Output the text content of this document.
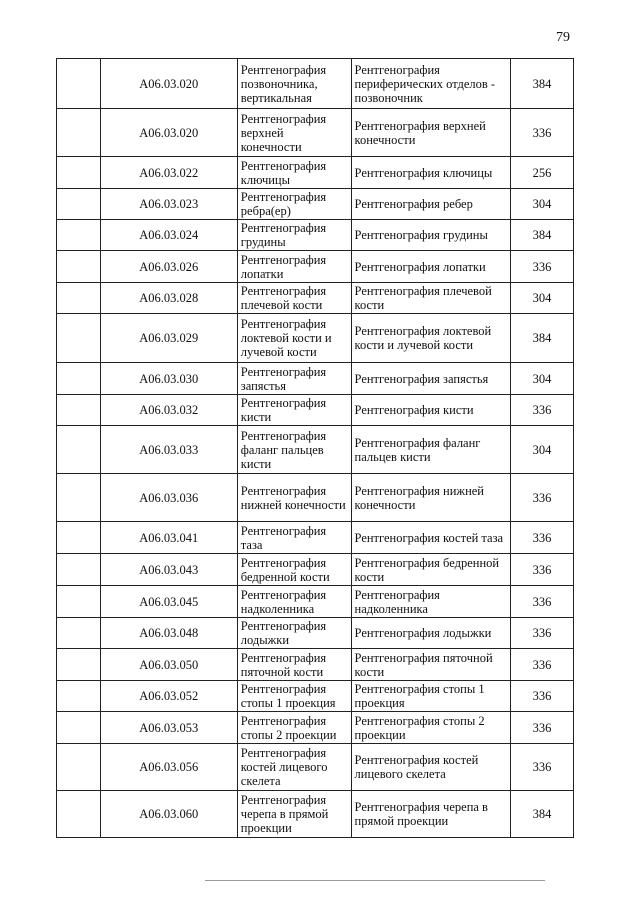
79
	A06.03.020	Рентгенография позвоночника, вертикальная	Рентгенография периферических отделов - позвоночник	384
	A06.03.020	Рентгенография верхней конечности	Рентгенография верхней конечности	336
	A06.03.022	Рентгенография ключицы	Рентгенография ключицы	256
	A06.03.023	Рентгенография ребра(ер)	Рентгенография ребер	304
	A06.03.024	Рентгенография грудины	Рентгенография грудины	384
	A06.03.026	Рентгенография лопатки	Рентгенография лопатки	336
	A06.03.028	Рентгенография плечевой кости	Рентгенография плечевой кости	304
	A06.03.029	Рентгенография локтевой кости и лучевой кости	Рентгенография локтевой кости и лучевой кости	384
	A06.03.030	Рентгенография запястья	Рентгенография запястья	304
	A06.03.032	Рентгенография кисти	Рентгенография кисти	336
	A06.03.033	Рентгенография фаланг пальцев кисти	Рентгенография фаланг пальцев кисти	304
	A06.03.036	Рентгенография нижней конечности	Рентгенография нижней конечности	336
	A06.03.041	Рентгенография таза	Рентгенография костей таза	336
	A06.03.043	Рентгенография бедренной кости	Рентгенография бедренной кости	336
	A06.03.045	Рентгенография надколенника	Рентгенография надколенника	336
	A06.03.048	Рентгенография лодыжки	Рентгенография лодыжки	336
	A06.03.050	Рентгенография пяточной кости	Рентгенография пяточной кости	336
	A06.03.052	Рентгенография стопы 1 проекция	Рентгенография стопы 1 проекция	336
	A06.03.053	Рентгенография стопы 2 проекции	Рентгенография стопы 2 проекции	336
	A06.03.056	Рентгенография костей лицевого скелета	Рентгенография костей лицевого скелета	336
	A06.03.060	Рентгенография черепа в прямой проекции	Рентгенография черепа в прямой проекции	384
